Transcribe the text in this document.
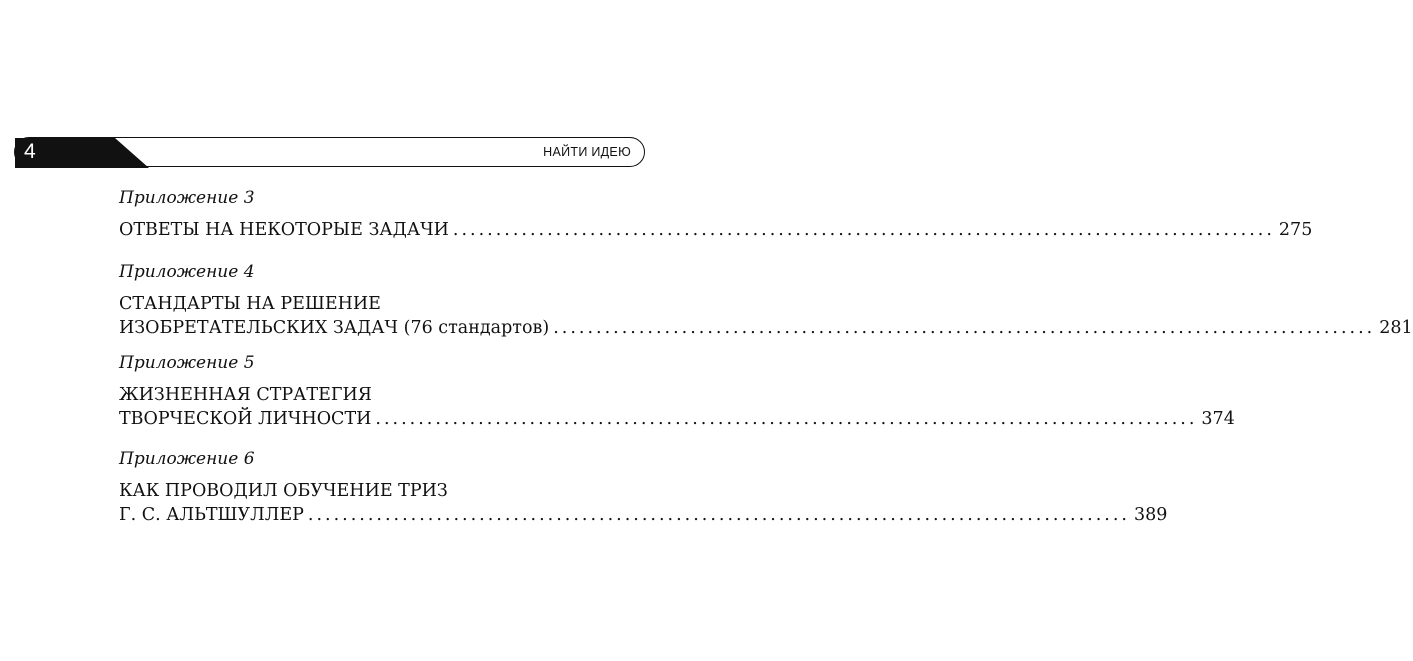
4	НАЙТИ ИДЕЮ
Приложение 3
ОТВЕТЫ НА НЕКОТОРЫЕ ЗАДАЧИ ................................................................................................ 275
Приложение 4
СТАНДАРТЫ НА РЕШЕНИЕ
ИЗОБРЕТАТЕЛЬСКИХ ЗАДАЧ (76 стандартов) ................................................................................................ 281
Приложение 5
ЖИЗНЕННАЯ СТРАТЕГИЯ
ТВОРЧЕСКОЙ ЛИЧНОСТИ ................................................................................................ 374
Приложение 6
КАК ПРОВОДИЛ ОБУЧЕНИЕ ТРИЗ
Г. С. АЛЬТШУЛЛЕР ................................................................................................ 389
